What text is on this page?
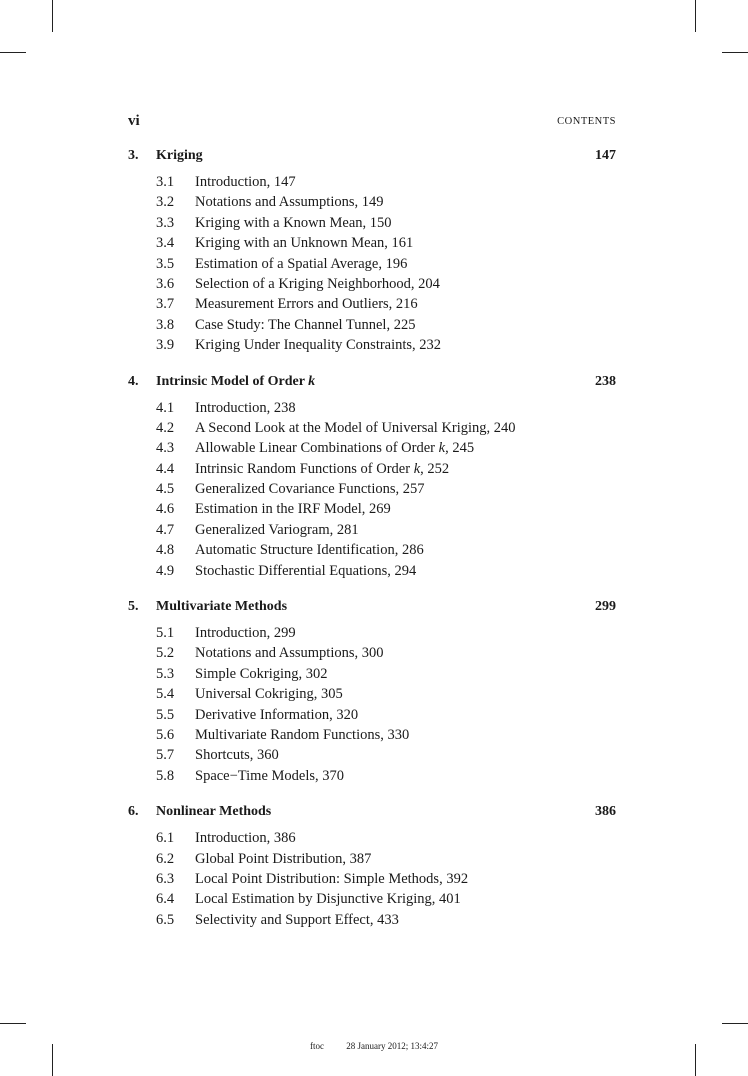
vi	CONTENTS
3. Kriging	147
3.1 Introduction, 147
3.2 Notations and Assumptions, 149
3.3 Kriging with a Known Mean, 150
3.4 Kriging with an Unknown Mean, 161
3.5 Estimation of a Spatial Average, 196
3.6 Selection of a Kriging Neighborhood, 204
3.7 Measurement Errors and Outliers, 216
3.8 Case Study: The Channel Tunnel, 225
3.9 Kriging Under Inequality Constraints, 232
4. Intrinsic Model of Order k	238
4.1 Introduction, 238
4.2 A Second Look at the Model of Universal Kriging, 240
4.3 Allowable Linear Combinations of Order k, 245
4.4 Intrinsic Random Functions of Order k, 252
4.5 Generalized Covariance Functions, 257
4.6 Estimation in the IRF Model, 269
4.7 Generalized Variogram, 281
4.8 Automatic Structure Identification, 286
4.9 Stochastic Differential Equations, 294
5. Multivariate Methods	299
5.1 Introduction, 299
5.2 Notations and Assumptions, 300
5.3 Simple Cokriging, 302
5.4 Universal Cokriging, 305
5.5 Derivative Information, 320
5.6 Multivariate Random Functions, 330
5.7 Shortcuts, 360
5.8 Space−Time Models, 370
6. Nonlinear Methods	386
6.1 Introduction, 386
6.2 Global Point Distribution, 387
6.3 Local Point Distribution: Simple Methods, 392
6.4 Local Estimation by Disjunctive Kriging, 401
6.5 Selectivity and Support Effect, 433
ftoc 28 January 2012; 13:4:27
